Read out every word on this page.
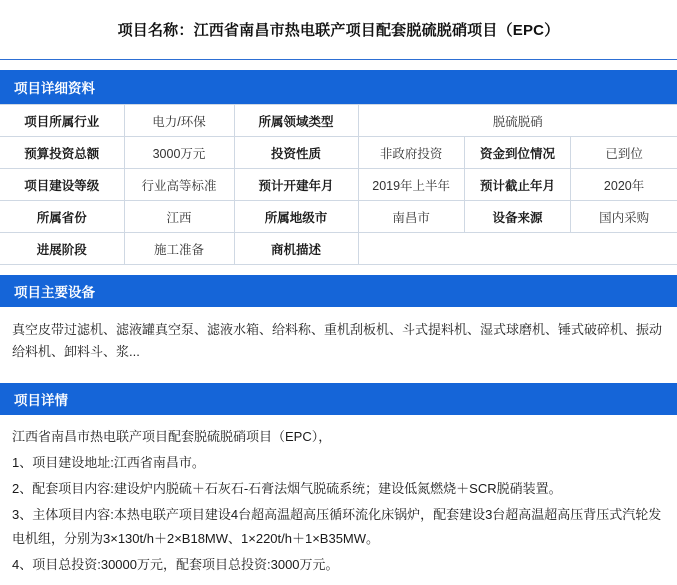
项目名称：江西省南昌市热电联产项目配套脱硫脱硝项目（EPC）
项目详细资料
项目所属行业	电力/环保	所属领域类型	脱硫脱硝		
预算投资总额	3000万元	投资性质	非政府投资	资金到位情况	已到位
项目建设等级	行业高等标准	预计开建年月	2019年上半年	预计截止年月	2020年
所属省份	江西	所属地级市	南昌市	设备来源	国内采购
进展阶段	施工准备	商机描述			
项目主要设备
真空皮带过滤机、滤液罐真空泵、滤液水箱、给料称、重机刮板机、斗式提料机、湿式球磨机、锤式破碎机、振动给料机、卸料斗、浆...
项目详情

江西省南昌市热电联产项目配套脱硫脱硝项目（EPC），

1、项目建设地址:江西省南昌市。

2、配套项目内容:建设炉内脱硫＋石灰石-石膏法烟气脱硫系统；建设低氮燃烧＋SCR脱硝装置。

3、主体项目内容:本热电联产项目建设4台超高温超高压循环流化床锅炉，配套建设3台超高温超高压背压式汽轮发电机组，分别为3×130t/h＋2×B18MW、1×220t/h＋1×B35MW。

4、项目总投资:30000万元，配套项目总投资:3000万元。
